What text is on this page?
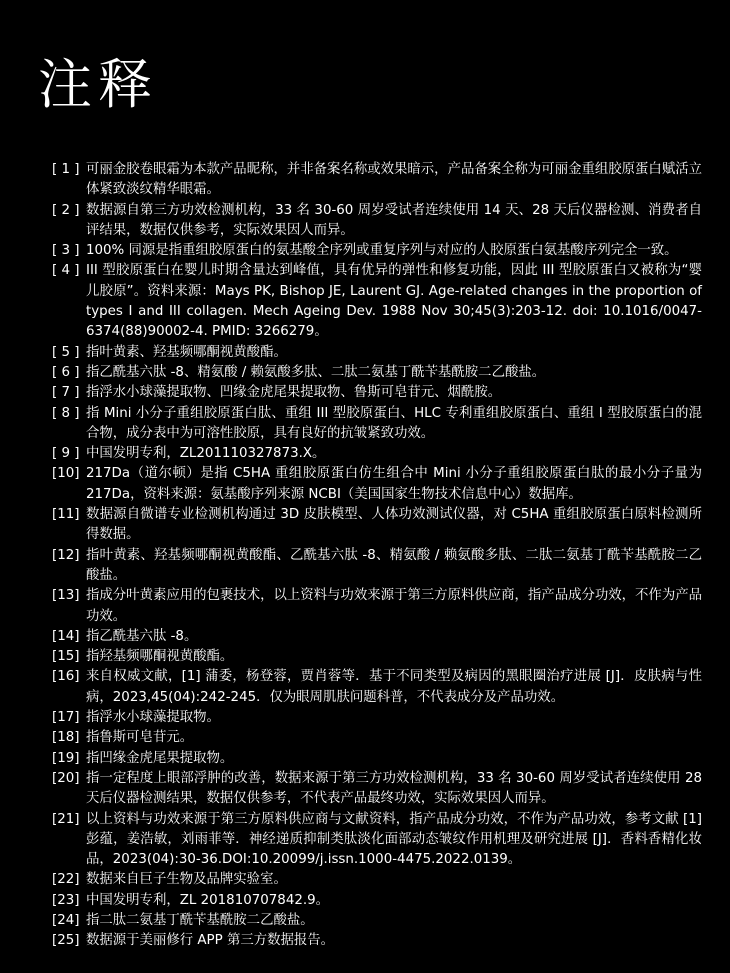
注释
[ 1 ] 可丽金胶卷眼霜为本款产品昵称，并非备案名称或效果暗示，产品备案全称为可丽金重组胶原蛋白赋活立体紧致淡纹精华眼霜。
[ 2 ] 数据源自第三方功效检测机构，33 名 30-60 周岁受试者连续使用 14 天、28 天后仪器检测、消费者自评结果，数据仅供参考，实际效果因人而异。
[ 3 ] 100% 同源是指重组胶原蛋白的氨基酸全序列或重复序列与对应的人胶原蛋白氨基酸序列完全一致。
[ 4 ] III 型胶原蛋白在婴儿时期含量达到峰值，具有优异的弹性和修复功能，因此 III 型胶原蛋白又被称为“婴儿胶原”。资料来源：Mays PK, Bishop JE, Laurent GJ. Age-related changes in the proportion of types I and III collagen. Mech Ageing Dev. 1988 Nov 30;45(3):203-12. doi: 10.1016/0047-6374(88)90002-4. PMID: 3266279。
[ 5 ] 指叶黄素、羟基频哪酮视黄酸酯。
[ 6 ] 指乙酰基六肽 -8、精氨酸 / 赖氨酸多肽、二肽二氨基丁酰苄基酰胺二乙酸盐。
[ 7 ] 指浮水小球藻提取物、凹缘金虎尾果提取物、鲁斯可皂苷元、烟酰胺。
[ 8 ] 指 Mini 小分子重组胶原蛋白肽、重组 III 型胶原蛋白、HLC 专利重组胶原蛋白、重组 I 型胶原蛋白的混合物，成分表中为可溶性胶原，具有良好的抗皱紧致功效。
[ 9 ] 中国发明专利，ZL201110327873.X。
[10] 217Da（道尔顿）是指 C5HA 重组胶原蛋白仿生组合中 Mini 小分子重组胶原蛋白肽的最小分子量为 217Da，资料来源：氨基酸序列来源 NCBI（美国国家生物技术信息中心）数据库。
[11] 数据源自微谱专业检测机构通过 3D 皮肤模型、人体功效测试仪器，对 C5HA 重组胶原蛋白原料检测所得数据。
[12] 指叶黄素、羟基频哪酮视黄酸酯、乙酰基六肽 -8、精氨酸 / 赖氨酸多肽、二肽二氨基丁酰苄基酰胺二乙酸盐。
[13] 指成分叶黄素应用的包裹技术，以上资料与功效来源于第三方原料供应商，指产品成分功效，不作为产品功效。
[14] 指乙酰基六肽 -8。
[15] 指羟基频哪酮视黄酸酯。
[16] 来自权威文献，[1] 蒲委，杨登蓉，贾肖蓉等．基于不同类型及病因的黑眼圈治疗进展 [J]．皮肤病与性病，2023,45(04):242-245．仅为眼周肌肤问题科普，不代表成分及产品功效。
[17] 指浮水小球藻提取物。
[18] 指鲁斯可皂苷元。
[19] 指凹缘金虎尾果提取物。
[20] 指一定程度上眼部浮肿的改善，数据来源于第三方功效检测机构，33 名 30-60 周岁受试者连续使用 28 天后仪器检测结果，数据仅供参考，不代表产品最终功效，实际效果因人而异。
[21] 以上资料与功效来源于第三方原料供应商与文献资料，指产品成分功效，不作为产品功效，参考文献 [1] 彭蕴，姜浩敏，刘雨菲等．神经递质抑制类肽淡化面部动态皱纹作用机理及研究进展 [J]．香料香精化妆品，2023(04):30-36.DOI:10.20099/j.issn.1000-4475.2022.0139。
[22] 数据来自巨子生物及品牌实验室。
[23] 中国发明专利，ZL 201810707842.9。
[24] 指二肽二氨基丁酰苄基酰胺二乙酸盐。
[25] 数据源于美丽修行 APP 第三方数据报告。
